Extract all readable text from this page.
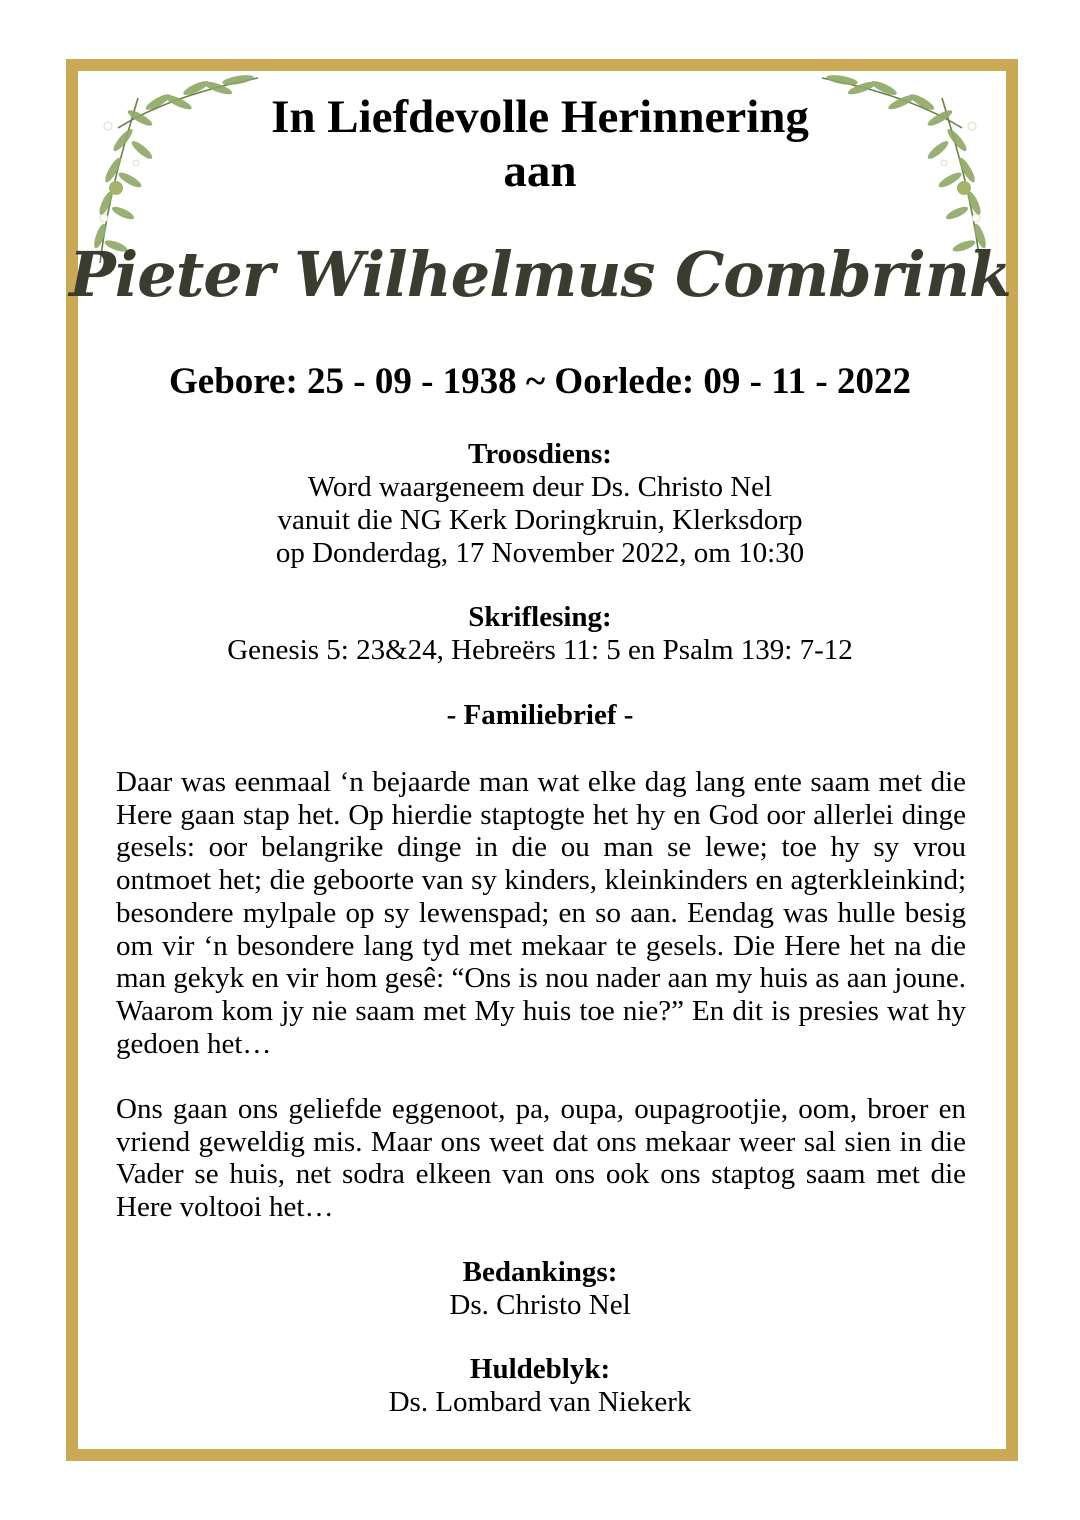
In Liefdevolle Herinnering
aan
Pieter Wilhelmus Combrink
Gebore: 25 - 09 - 1938 ~ Oorlede: 09 - 11 - 2022
Troosdiens:
Word waargeneem deur Ds. Christo Nel
vanuit die NG Kerk Doringkruin, Klerksdorp
op Donderdag, 17 November 2022, om 10:30
Skriflesing:
Genesis 5: 23&24, Hebreërs 11: 5 en Psalm 139: 7-12
- Familiebrief -

Daar was eenmaal ‘n bejaarde man wat elke dag lang ente saam met die Here gaan stap het. Op hierdie staptogte het hy en God oor allerlei dinge gesels: oor belangrike dinge in die ou man se lewe; toe hy sy vrou ontmoet het; die geboorte van sy kinders, kleinkinders en agterkleinkind; besondere mylpale op sy lewenspad; en so aan. Eendag was hulle besig om vir ‘n besondere lang tyd met mekaar te gesels. Die Here het na die man gekyk en vir hom gesê: “Ons is nou nader aan my huis as aan joune. Waarom kom jy nie saam met My huis toe nie?” En dit is presies wat hy gedoen het…

Ons gaan ons geliefde eggenoot, pa, oupa, oupagrootjie, oom, broer en vriend geweldig mis. Maar ons weet dat ons mekaar weer sal sien in die Vader se huis, net sodra elkeen van ons ook ons staptog saam met die Here voltooi het…

Bedankings:
Ds. Christo Nel
Huldeblyk:
Ds. Lombard van Niekerk
